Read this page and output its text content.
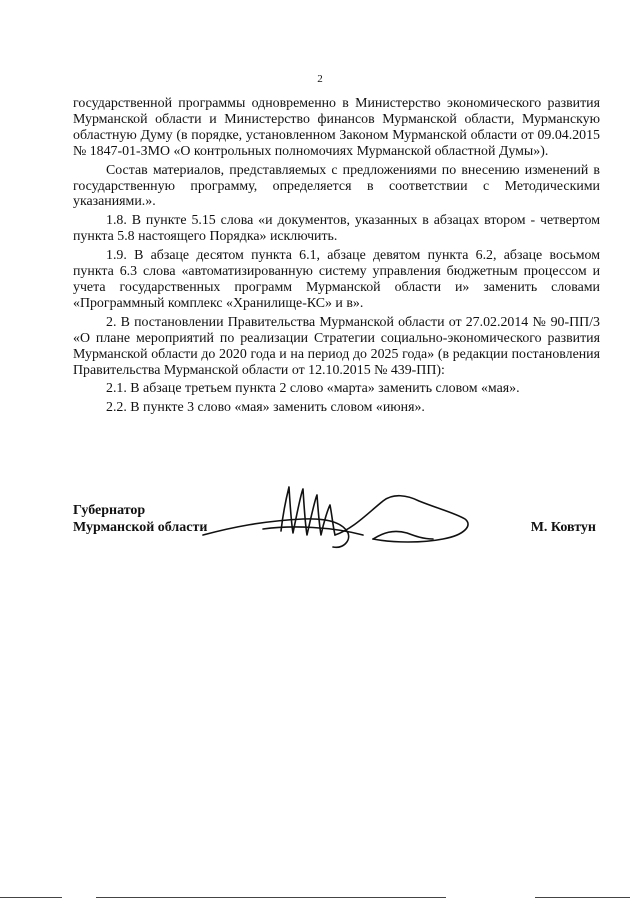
2

государственной программы одновременно в Министерство экономического развития Мурманской области и Министерство финансов Мурманской области, Мурманскую областную Думу (в порядке, установленном Законом Мурманской области от 09.04.2015 № 1847-01-ЗМО «О контрольных полномочиях Мурманской областной Думы»).

Состав материалов, представляемых с предложениями по внесению изменений в государственную программу, определяется в соответствии с Методическими указаниями.».

1.8. В пункте 5.15 слова «и документов, указанных в абзацах втором - четвертом пункта 5.8 настоящего Порядка» исключить.

1.9. В абзаце десятом пункта 6.1, абзаце девятом пункта 6.2, абзаце восьмом пункта 6.3 слова «автоматизированную систему управления бюджетным процессом и учета государственных программ Мурманской области и» заменить словами «Программный комплекс «Хранилище-КС» и в».

2. В постановлении Правительства Мурманской области от 27.02.2014 № 90-ПП/3 «О плане мероприятий по реализации Стратегии социально-экономического развития Мурманской области до 2020 года и на период до 2025 года» (в редакции постановления Правительства Мурманской области от 12.10.2015 № 439-ПП):

2.1. В абзаце третьем пункта 2 слово «марта» заменить словом «мая».

2.2. В пункте 3 слово «мая» заменить словом «июня».

Губернатор
Мурманской области	М. Ковтун
